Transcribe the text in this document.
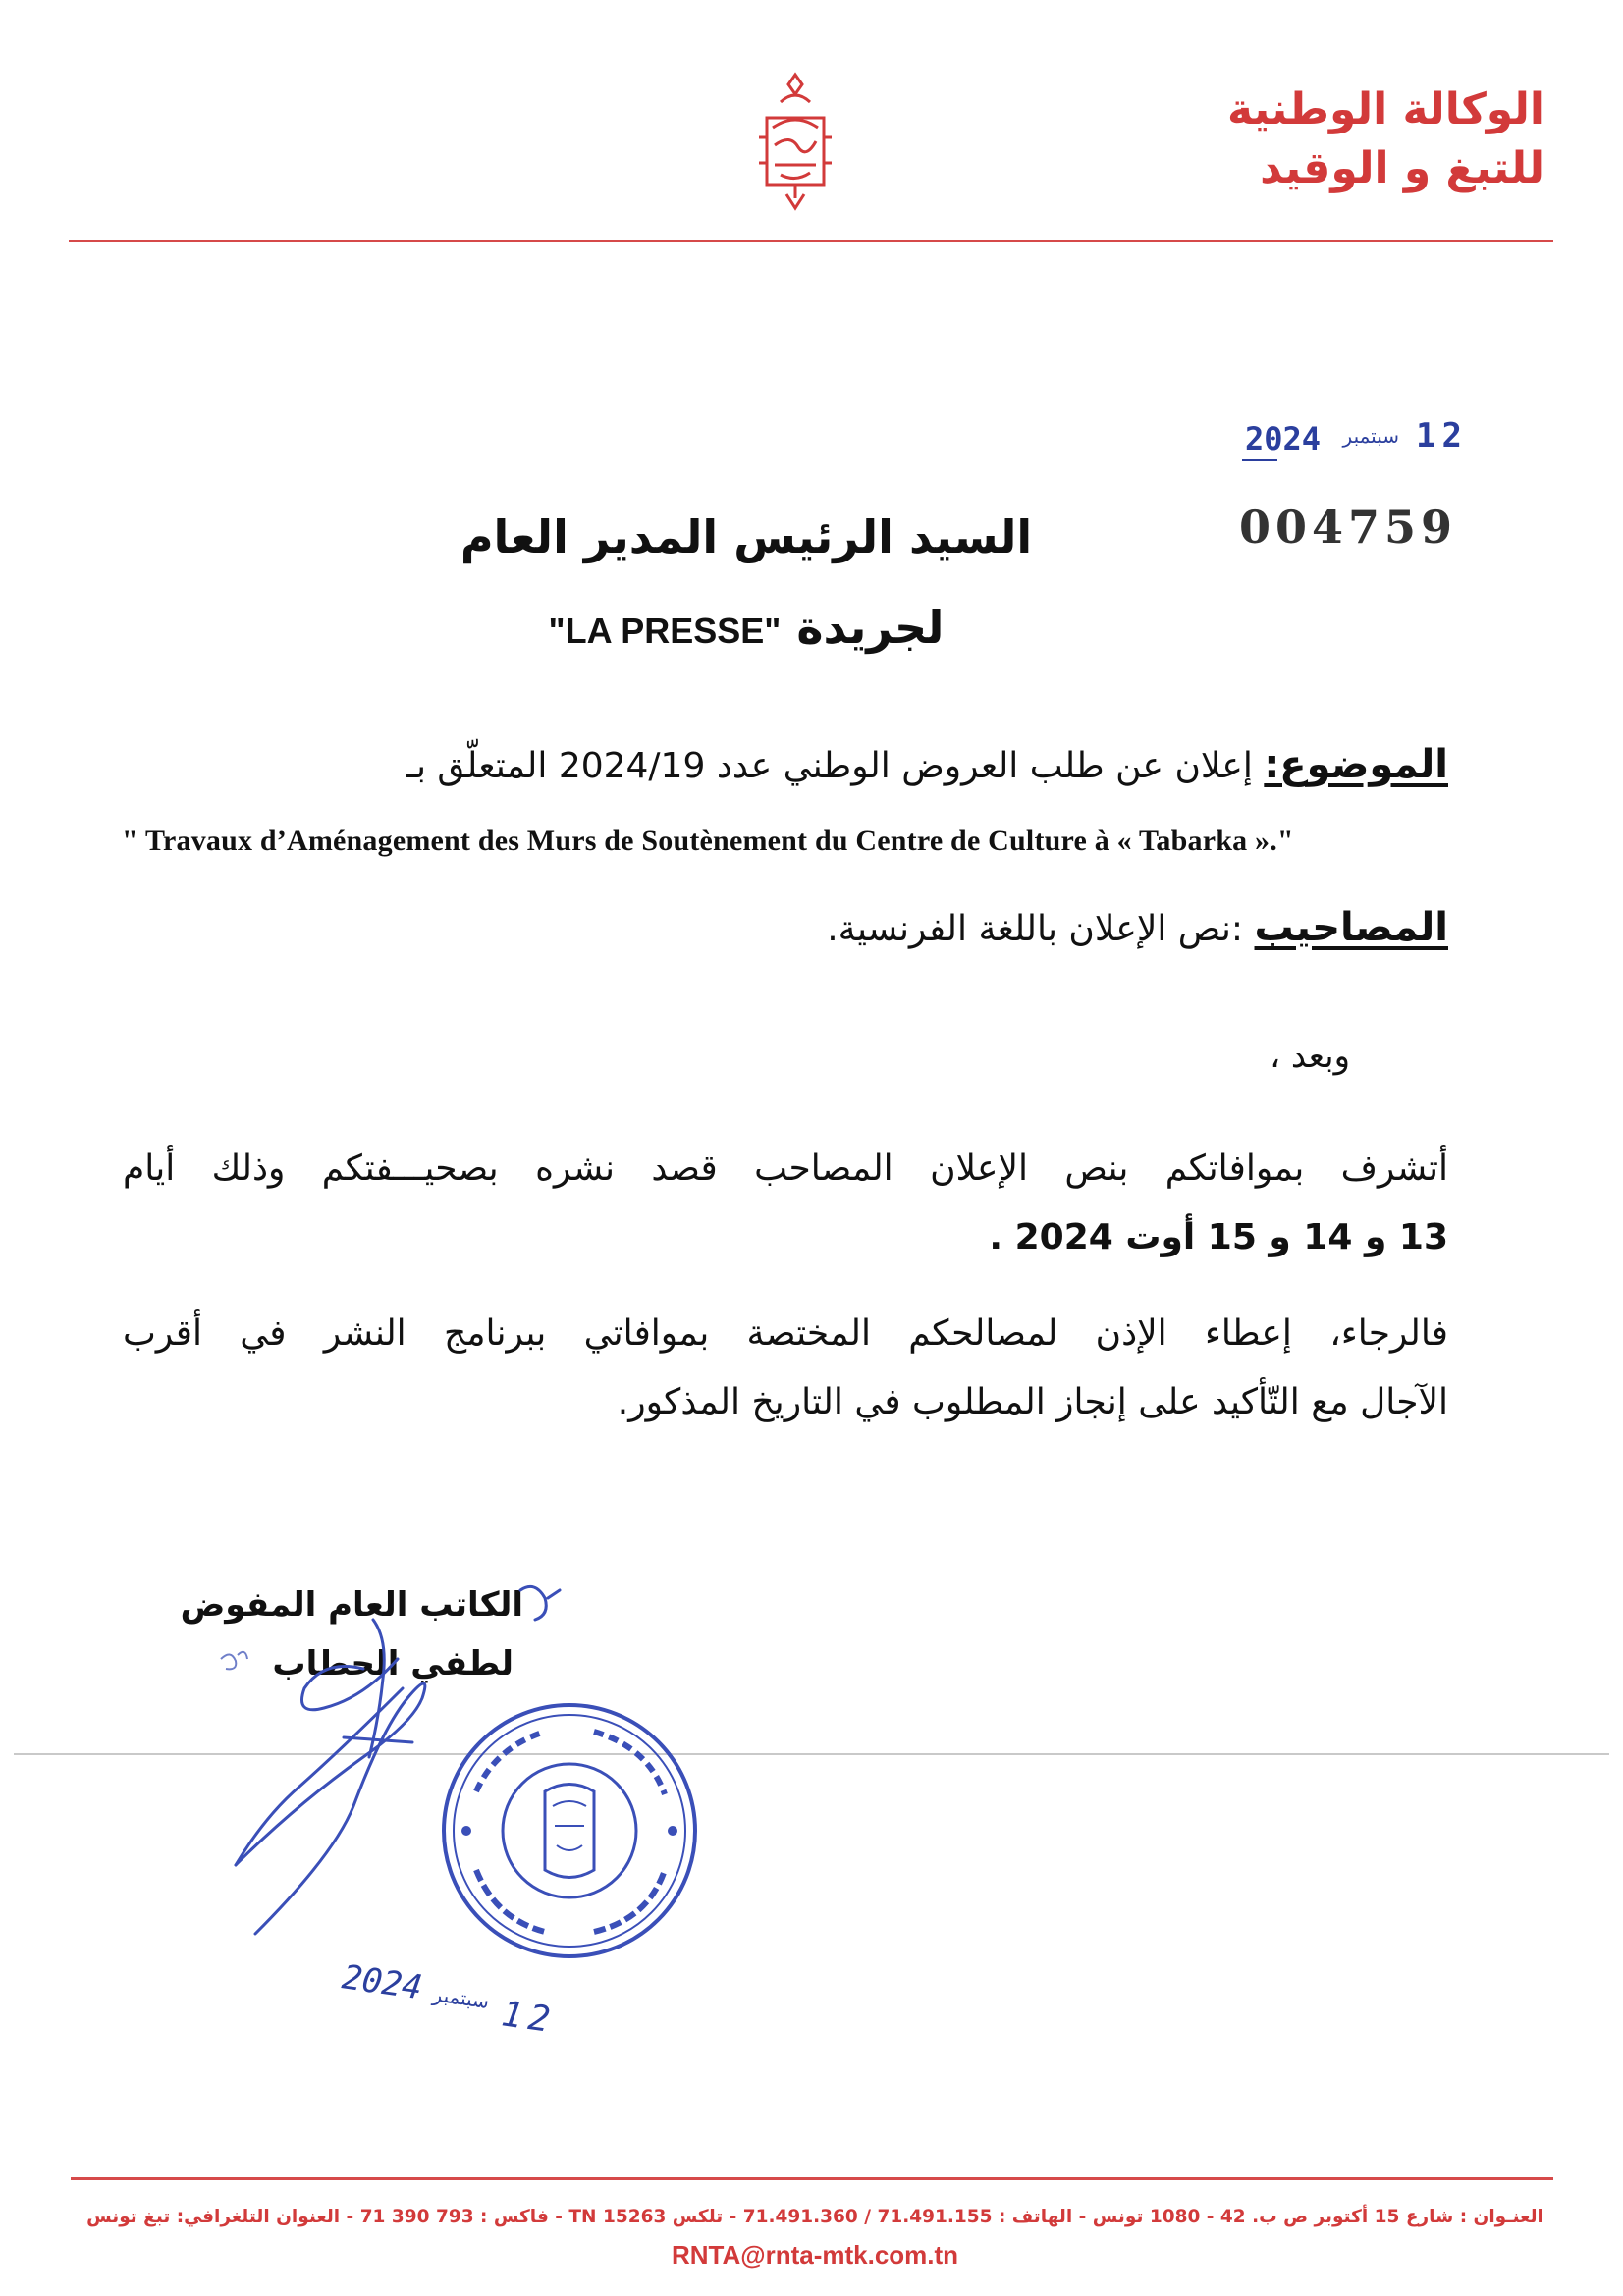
الوكالة الوطنية
للتبغ و الوقيد
12
سبتمبر
2024
004759
السيد الرئيس المدير العام
لجريدة "LA PRESSE"
الموضوع: إعلان عن طلب العروض الوطني عدد 2024/19 المتعلّق بـ
" Travaux d’Aménagement des Murs de Soutènement du Centre de Culture à « Tabarka »."
المصاحيب :نص الإعلان باللغة الفرنسية.
وبعد ،
أتشرف بموافاتكم بنص الإعلان المصاحب قصد نشره بصحيـــفتكم وذلك أيام
13 و 14 و 15 أوت 2024 .
فالرجاء، إعطاء الإذن لمصالحكم المختصة بموافاتي ببرنامج النشر في أقرب
الآجال مع التّأكيد على إنجاز المطلوب في التاريخ المذكور.
الكاتب العام المفوض
لطفي الحطاب
2024 سبتمبر 12
العنـوان : شارع 15 أكتوبر ص ب. 42 - 1080 تونس - الهاتف : 71.491.155 / 71.491.360 - تلكس 15263 TN - فاكس : 793 390 71 - العنوان التلغرافي: تبغ تونس
RNTA@rnta-mtk.com.tn
